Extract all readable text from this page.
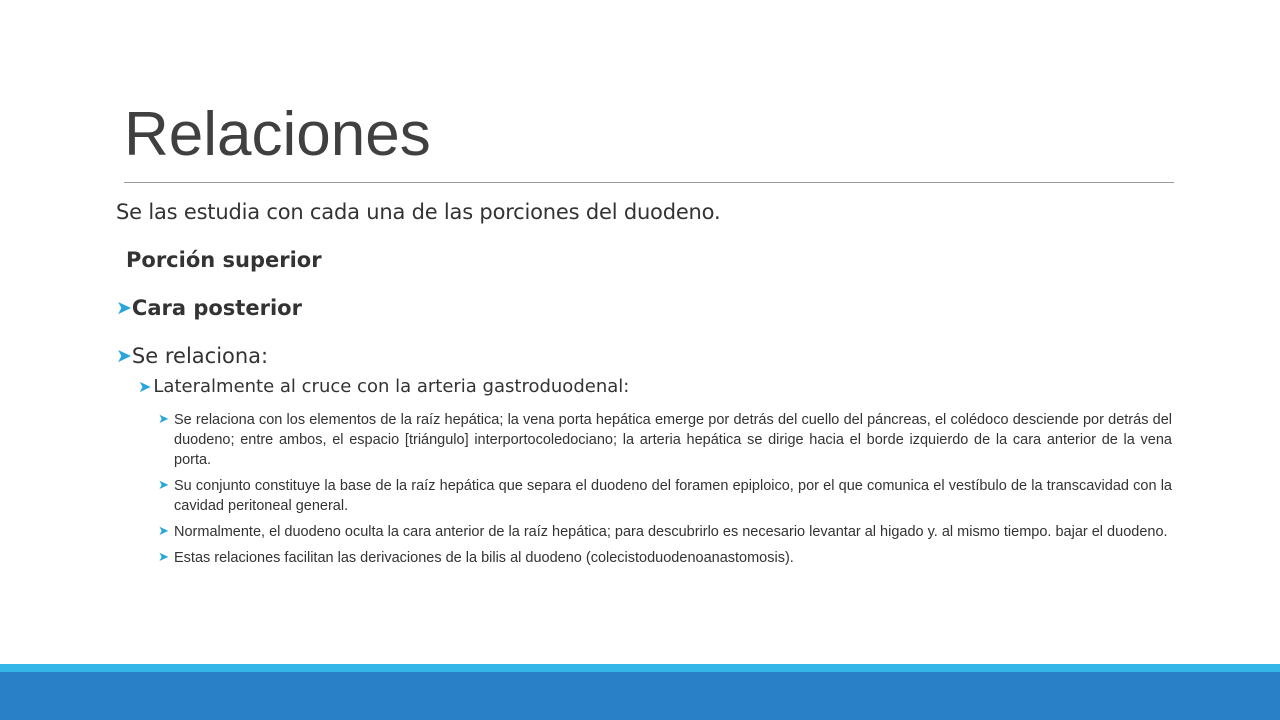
Relaciones
Se las estudia con cada una de las porciones del duodeno.
Porción superior
➤ Cara posterior
➤ Se relaciona:
➤ Lateralmente al cruce con la arteria gastroduodenal:
➤ Se relaciona con los elementos de la raíz hepática; la vena porta hepática emerge por detrás del cuello del páncreas, el colédoco desciende por detrás del duodeno; entre ambos, el espacio [triángulo] interportocoledociano; la arteria hepática se dirige hacia el borde izquierdo de la cara anterior de la vena porta.
➤ Su conjunto constituye la base de la raíz hepática que separa el duodeno del foramen epiploico, por el que comunica el vestíbulo de la transcavidad con la cavidad peritoneal general.
➤ Normalmente, el duodeno oculta la cara anterior de la raíz hepática; para descubrirlo es necesario levantar al higado y. al mismo tiempo. bajar el duodeno.
➤ Estas relaciones facilitan las derivaciones de la bilis al duodeno (colecistoduodenoanastomosis).
